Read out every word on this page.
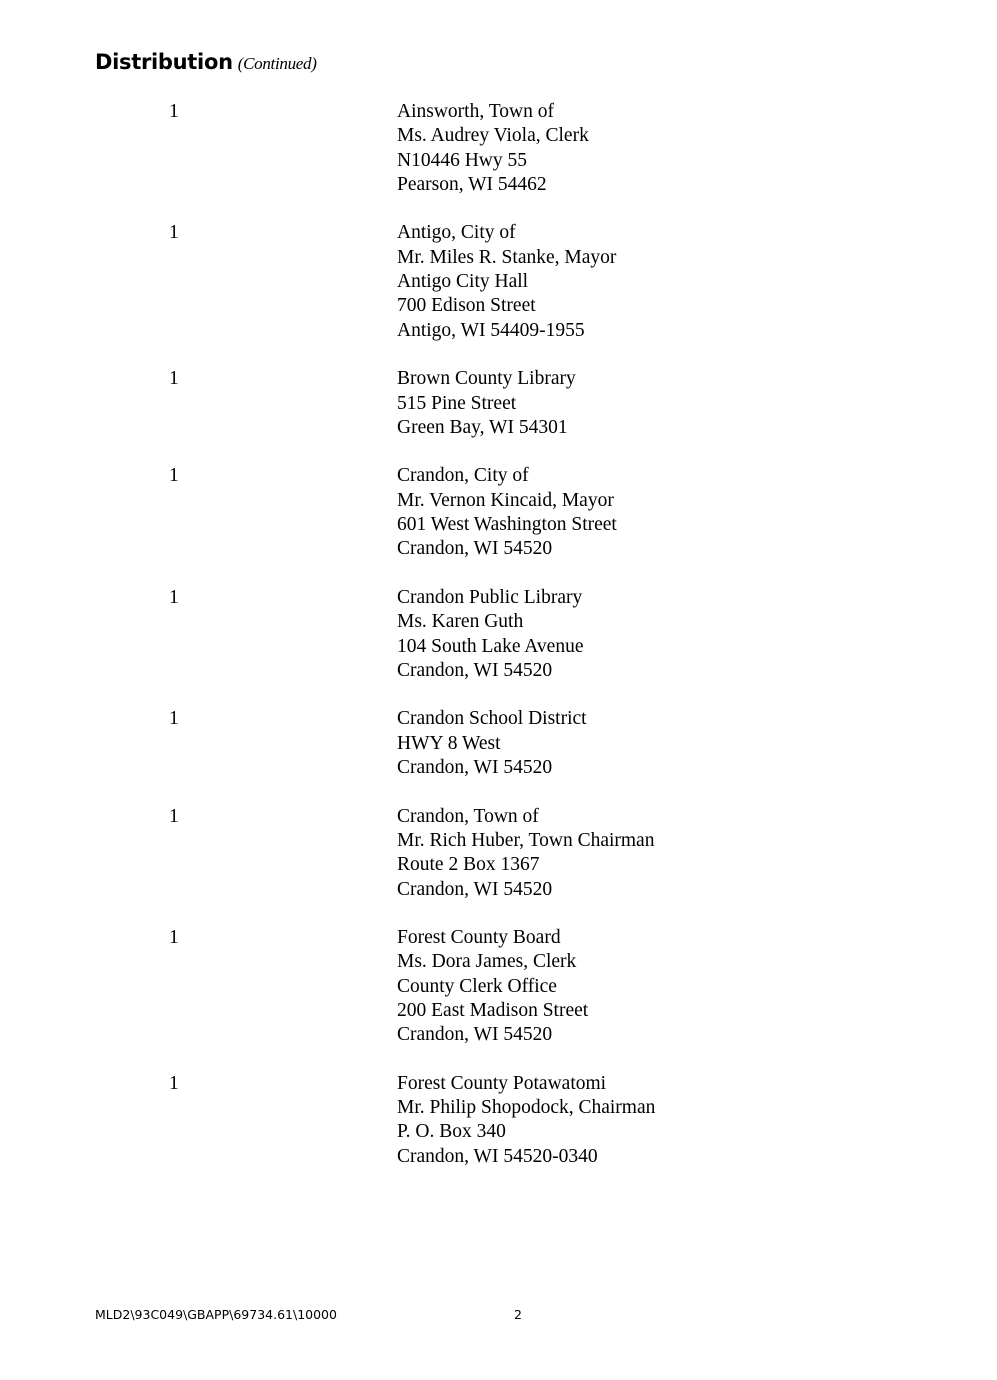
Distribution (Continued)
1	Ainsworth, Town of
Ms. Audrey Viola, Clerk
N10446 Hwy 55
Pearson, WI 54462
1	Antigo, City of
Mr. Miles R. Stanke, Mayor
Antigo City Hall
700 Edison Street
Antigo, WI 54409-1955
1	Brown County Library
515 Pine Street
Green Bay, WI 54301
1	Crandon, City of
Mr. Vernon Kincaid, Mayor
601 West Washington Street
Crandon, WI 54520
1	Crandon Public Library
Ms. Karen Guth
104 South Lake Avenue
Crandon, WI 54520
1	Crandon School District
HWY 8 West
Crandon, WI 54520
1	Crandon, Town of
Mr. Rich Huber, Town Chairman
Route 2 Box 1367
Crandon, WI 54520
1	Forest County Board
Ms. Dora James, Clerk
County Clerk Office
200 East Madison Street
Crandon, WI 54520
1	Forest County Potawatomi
Mr. Philip Shopodock, Chairman
P. O. Box 340
Crandon, WI 54520-0340
MLD2\93C049\GBAPP\69734.61\10000	2
